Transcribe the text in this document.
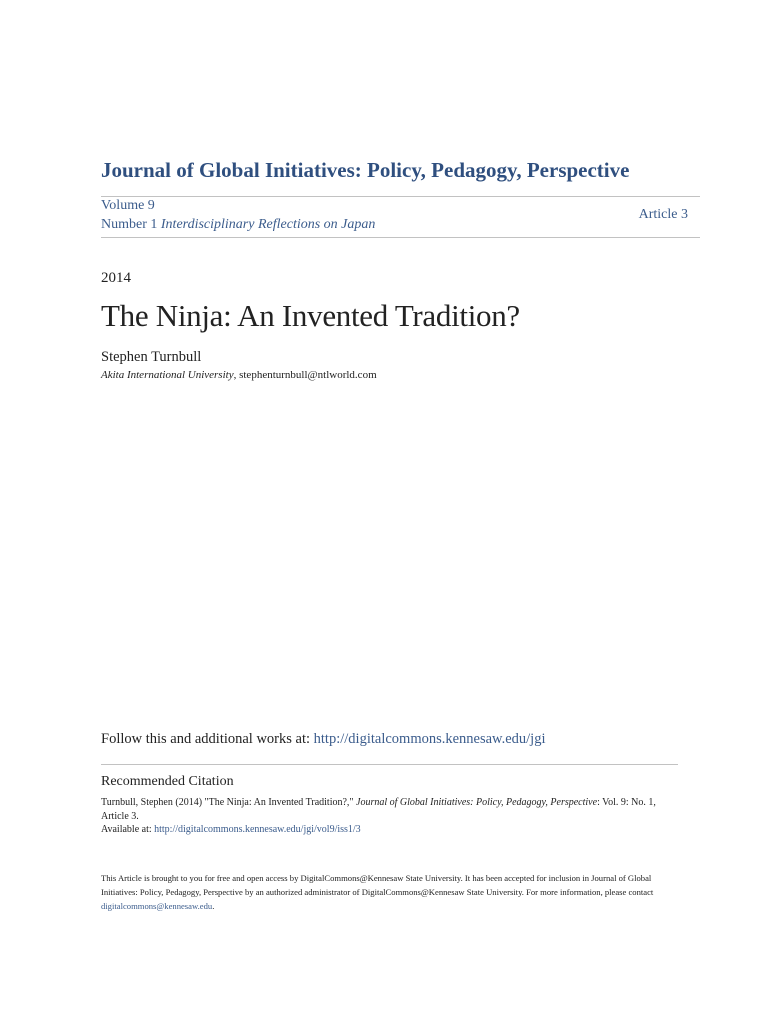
Journal of Global Initiatives: Policy, Pedagogy, Perspective
Volume 9
Number 1 Interdisciplinary Reflections on Japan
Article 3
2014
The Ninja: An Invented Tradition?
Stephen Turnbull
Akita International University, stephenturnbull@ntlworld.com
Follow this and additional works at: http://digitalcommons.kennesaw.edu/jgi
Recommended Citation
Turnbull, Stephen (2014) "The Ninja: An Invented Tradition?," Journal of Global Initiatives: Policy, Pedagogy, Perspective: Vol. 9: No. 1, Article 3.
Available at: http://digitalcommons.kennesaw.edu/jgi/vol9/iss1/3
This Article is brought to you for free and open access by DigitalCommons@Kennesaw State University. It has been accepted for inclusion in Journal of Global Initiatives: Policy, Pedagogy, Perspective by an authorized administrator of DigitalCommons@Kennesaw State University. For more information, please contact digitalcommons@kennesaw.edu.
